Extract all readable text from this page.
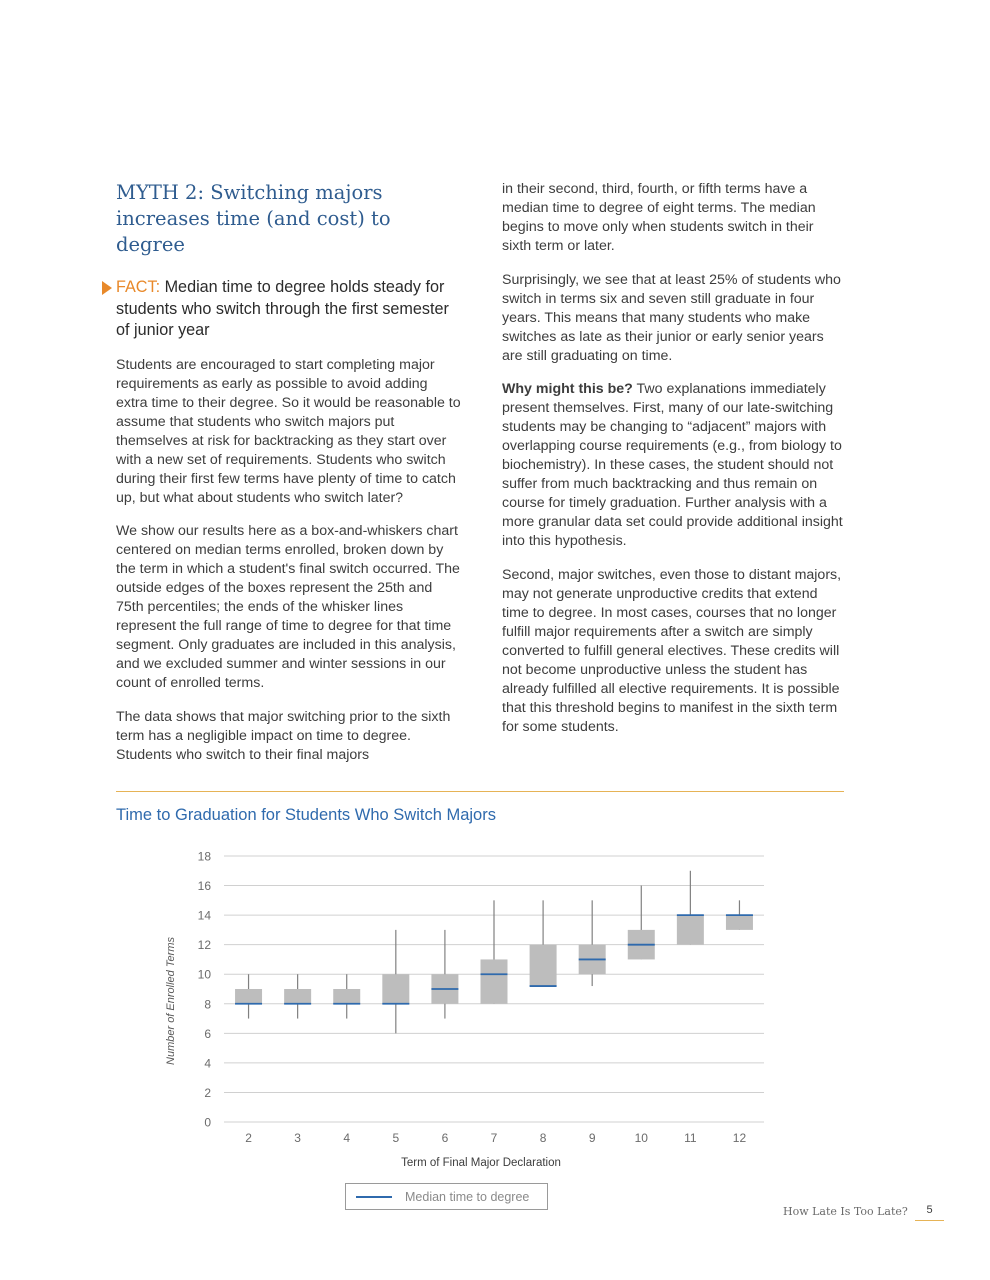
MYTH 2: Switching majors increases time (and cost) to degree
FACT: Median time to degree holds steady for students who switch through the first semester of junior year

Students are encouraged to start completing major requirements as early as possible to avoid adding extra time to their degree. So it would be reasonable to assume that students who switch majors put themselves at risk for backtracking as they start over with a new set of requirements. Students who switch during their first few terms have plenty of time to catch up, but what about students who switch later?

We show our results here as a box-and-whiskers chart centered on median terms enrolled, broken down by the term in which a student's final switch occurred. The outside edges of the boxes represent the 25th and 75th percentiles; the ends of the whisker lines represent the full range of time to degree for that time segment. Only graduates are included in this analysis, and we excluded summer and winter sessions in our count of enrolled terms.

The data shows that major switching prior to the sixth term has a negligible impact on time to degree. Students who switch to their final majors

in their second, third, fourth, or fifth terms have a median time to degree of eight terms. The median begins to move only when students switch in their sixth term or later.

Surprisingly, we see that at least 25% of students who switch in terms six and seven still graduate in four years. This means that many students who make switches as late as their junior or early senior years are still graduating on time.

Why might this be? Two explanations immediately present themselves. First, many of our late-switching students may be changing to “adjacent” majors with overlapping course requirements (e.g., from biology to biochemistry). In these cases, the student should not suffer from much backtracking and thus remain on course for timely graduation. Further analysis with a more granular data set could provide additional insight into this hypothesis.

Second, major switches, even those to distant majors, may not generate unproductive credits that extend time to degree. In most cases, courses that no longer fulfill major requirements after a switch are simply converted to fulfill general electives. These credits will not become unproductive unless the student has already fulfilled all elective requirements. It is possible that this threshold begins to manifest in the sixth term for some students.

Time to Graduation for Students Who Switch Majors
0
2
4
6
8
10
12
14
16
18
2	3	4	5	6	7	8	9	10	11	12
Term of Final Major Declaration
Number of Enrolled Terms
Median time to degree
How Late Is Too Late?	5
